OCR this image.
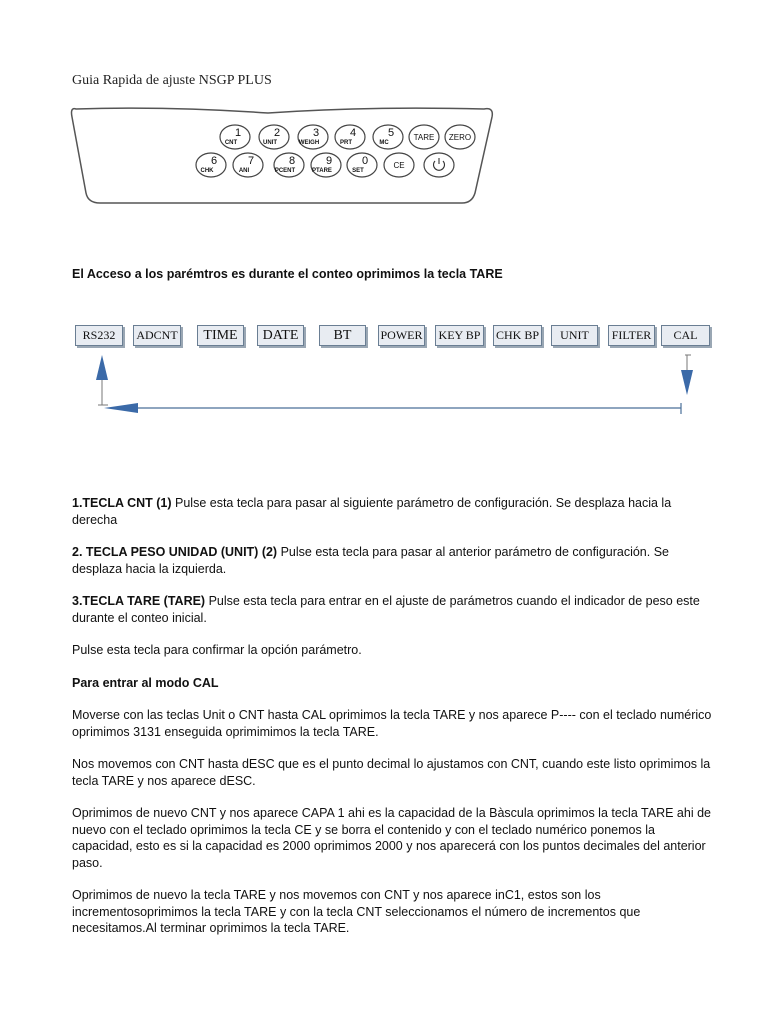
Guia Rapida de ajuste NSGP PLUS
1
CNT
2
UNIT
3
WEIGH
4
PRT
5
MC
TARE ZERO
6
CHK
7
ANI
8
PCENT
9
PTARE
0
SET
CE
El Acceso a los parémtros es durante el conteo oprimimos la tecla TARE
RS232	ADCNT	TIME	DATE	BT	POWER KEY BP CHK BP	UNIT	FILTER	CAL

1.TECLA CNT (1) Pulse esta tecla para pasar al siguiente parámetro de configuración. Se desplaza hacia la derecha

2. TECLA PESO UNIDAD (UNIT) (2) Pulse esta tecla para pasar al anterior parámetro de configuración. Se desplaza hacia la izquierda.

3.TECLA TARE (TARE) Pulse esta tecla para entrar en el ajuste de parámetros cuando el indicador de peso este durante el conteo inicial.

Pulse esta tecla para confirmar la opción parámetro.

Para entrar al modo CAL

Moverse con las teclas Unit o CNT hasta CAL oprimimos la tecla TARE y nos aparece P---- con el teclado numérico oprimimos 3131 enseguida oprimimimos la tecla TARE.

Nos movemos con CNT hasta dESC que es el punto decimal lo ajustamos con CNT, cuando este listo oprimimos la tecla TARE y nos aparece dESC.

Oprimimos de nuevo CNT y nos aparece CAPA 1 ahi es la capacidad de la Bàscula oprimimos la tecla TARE ahi de nuevo con el teclado oprimimos la tecla CE y se borra el contenido y con el teclado numérico ponemos la capacidad, esto es si la capacidad es 2000 oprimimos 2000 y nos aparecerá con los puntos decimales del anterior paso.

Oprimimos de nuevo la tecla TARE y nos movemos con CNT y nos aparece inC1, estos son los incrementosoprimimos la tecla TARE y con la tecla CNT seleccionamos el número de incrementos que necesitamos.Al terminar oprimimos la tecla TARE.
